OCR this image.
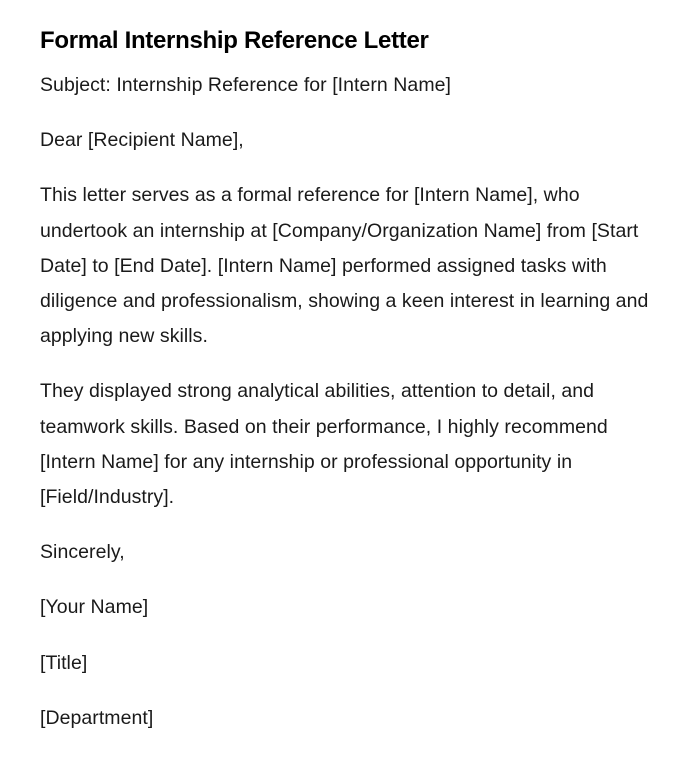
Formal Internship Reference Letter

Subject: Internship Reference for [Intern Name]

Dear [Recipient Name],

This letter serves as a formal reference for [Intern Name], who undertook an internship at [Company/Organization Name] from [Start Date] to [End Date]. [Intern Name] performed assigned tasks with diligence and professionalism, showing a keen interest in learning and applying new skills.

They displayed strong analytical abilities, attention to detail, and teamwork skills. Based on their performance, I highly recommend [Intern Name] for any internship or professional opportunity in [Field/Industry].

Sincerely,

[Your Name]

[Title]

[Department]
